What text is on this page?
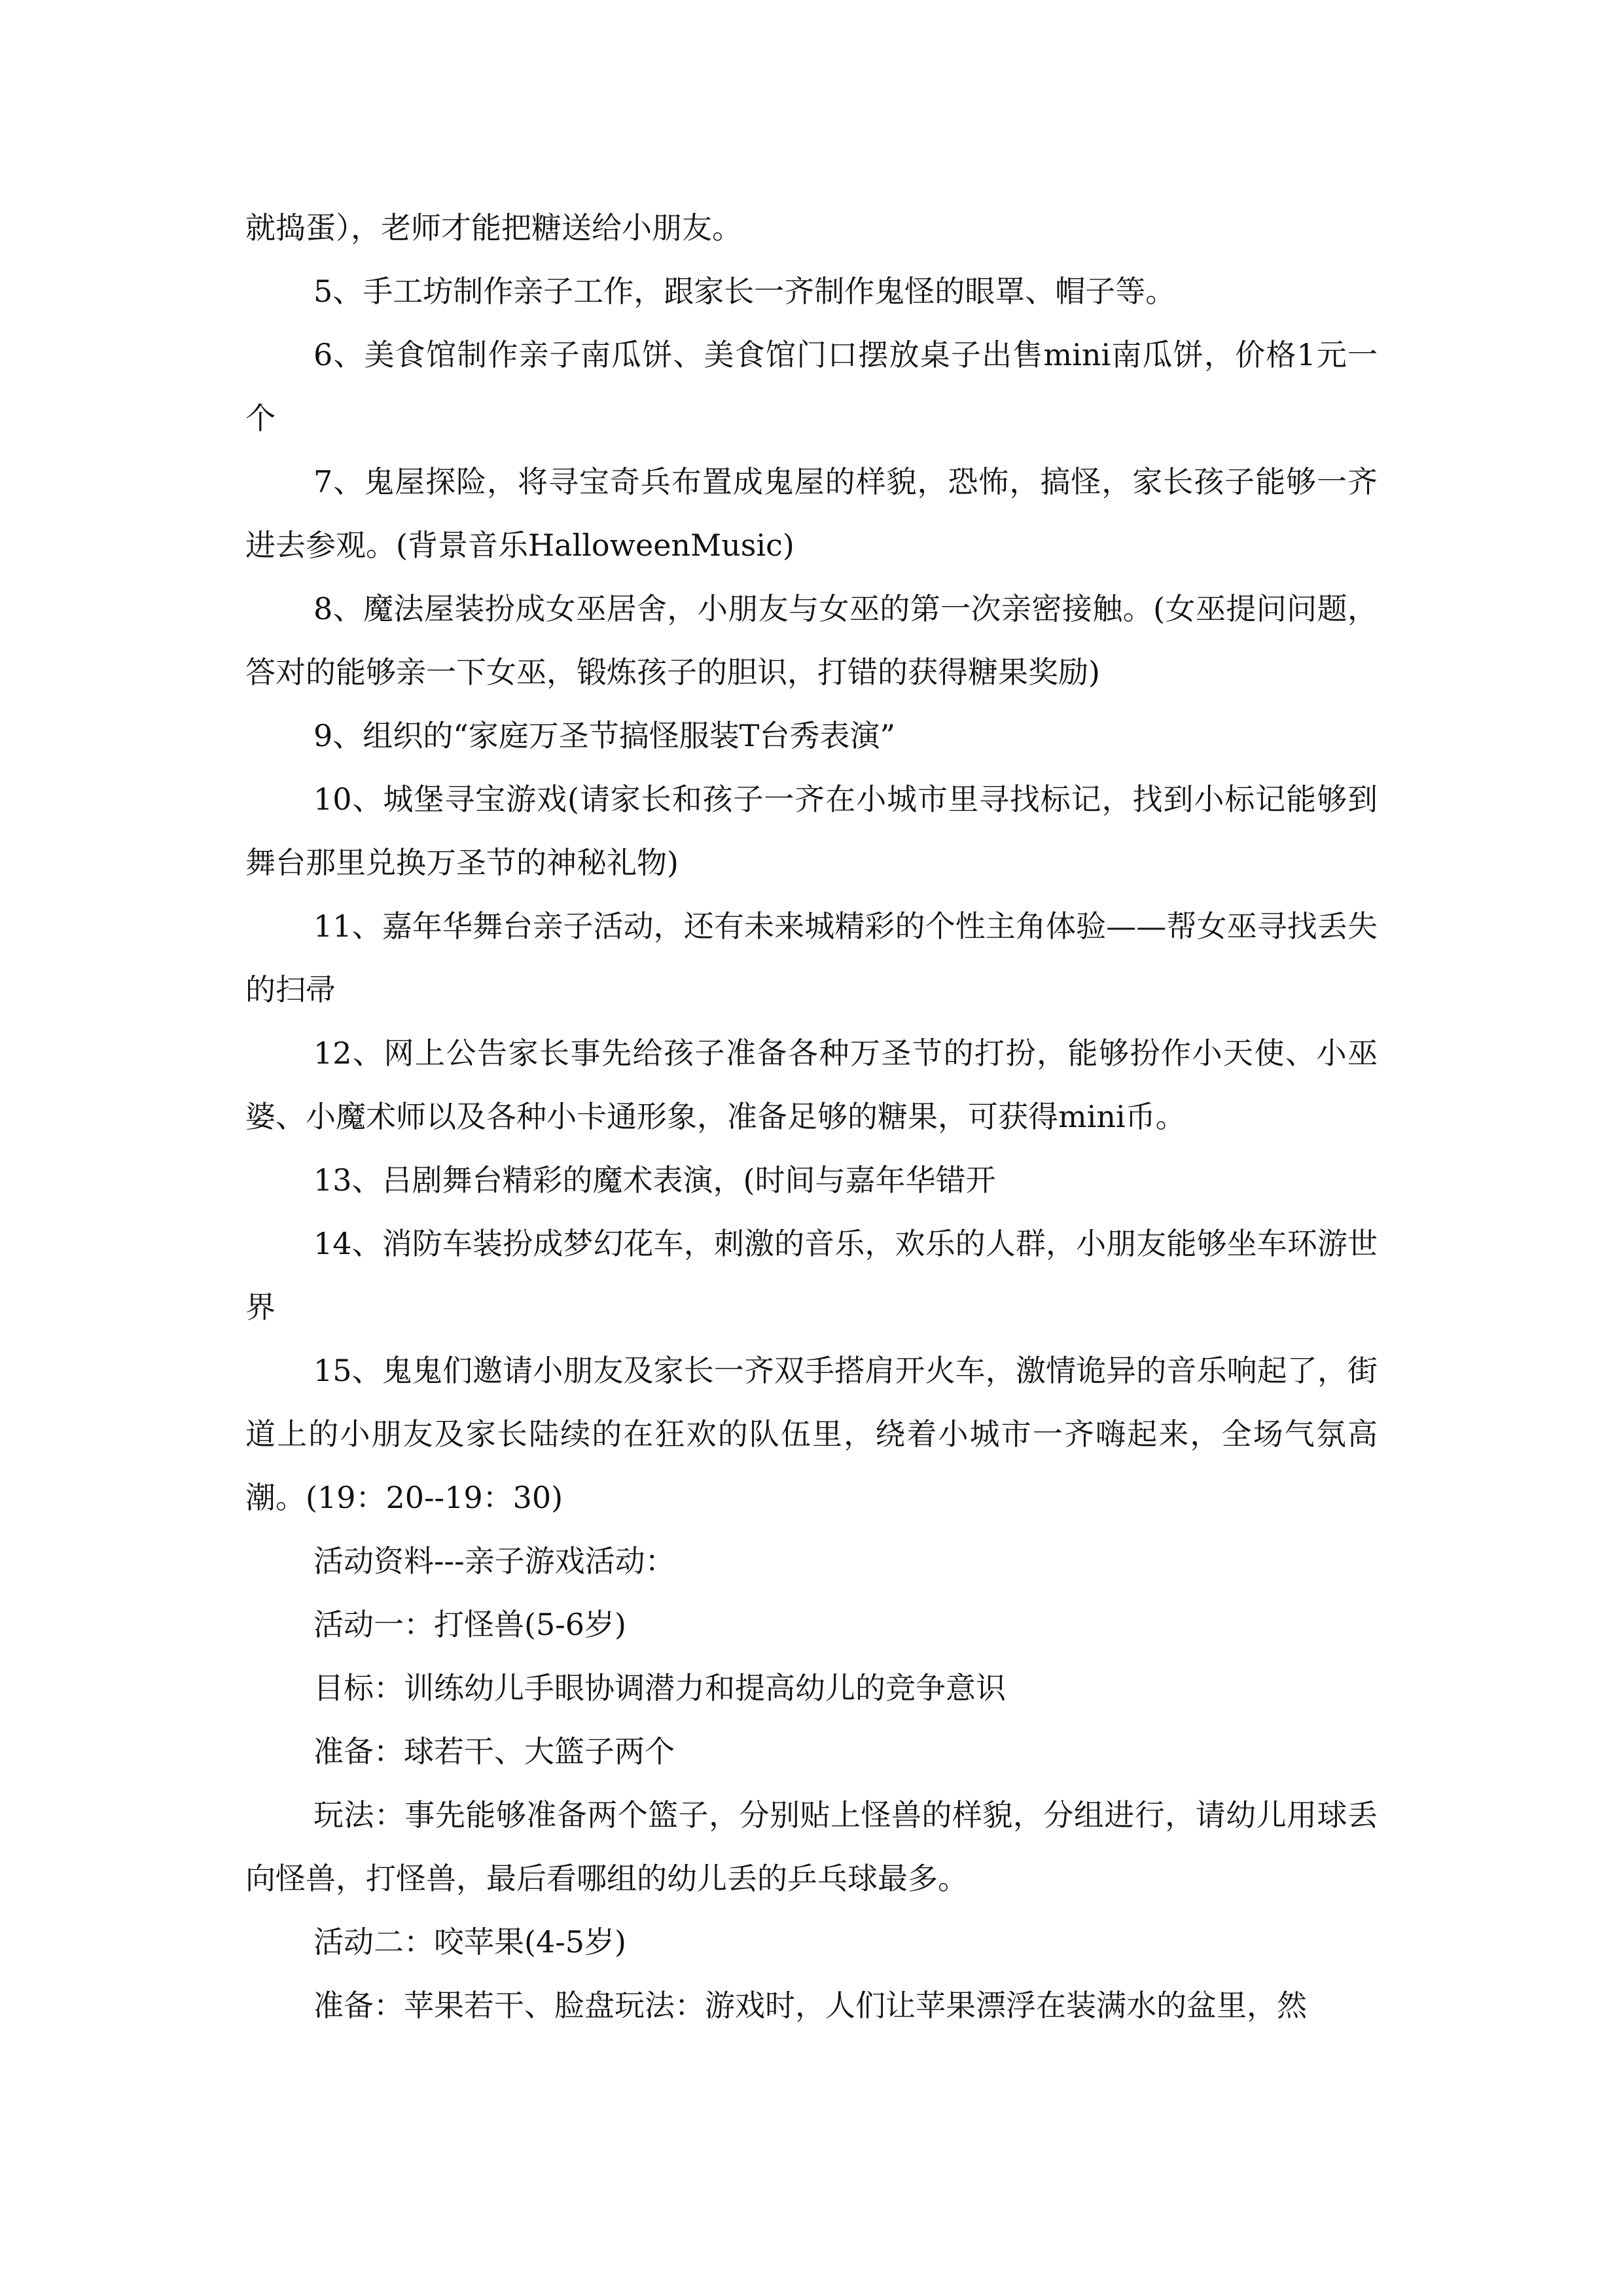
就捣蛋），老师才能把糖送给小朋友。

5、手工坊制作亲子工作，跟家长一齐制作鬼怪的眼罩、帽子等。

6、美食馆制作亲子南瓜饼、美食馆门口摆放桌子出售mini南瓜饼，价格1元一个

7、鬼屋探险，将寻宝奇兵布置成鬼屋的样貌，恐怖，搞怪，家长孩子能够一齐进去参观。(背景音乐HalloweenMusic)

8、魔法屋装扮成女巫居舍，小朋友与女巫的第一次亲密接触。(女巫提问问题，答对的能够亲一下女巫，锻炼孩子的胆识，打错的获得糖果奖励)

9、组织的“家庭万圣节搞怪服装T台秀表演”

10、城堡寻宝游戏(请家长和孩子一齐在小城市里寻找标记，找到小标记能够到舞台那里兑换万圣节的神秘礼物)

11、嘉年华舞台亲子活动，还有未来城精彩的个性主角体验——帮女巫寻找丢失的扫帚

12、网上公告家长事先给孩子准备各种万圣节的打扮，能够扮作小天使、小巫婆、小魔术师以及各种小卡通形象，准备足够的糖果，可获得mini币。

13、吕剧舞台精彩的魔术表演，(时间与嘉年华错开

14、消防车装扮成梦幻花车，刺激的音乐，欢乐的人群，小朋友能够坐车环游世界

15、鬼鬼们邀请小朋友及家长一齐双手搭肩开火车，激情诡异的音乐响起了，街道上的小朋友及家长陆续的在狂欢的队伍里，绕着小城市一齐嗨起来，全场气氛高潮。(19：20--19：30)

活动资料---亲子游戏活动：

活动一：打怪兽(5-6岁)

目标：训练幼儿手眼协调潜力和提高幼儿的竞争意识

准备：球若干、大篮子两个

玩法：事先能够准备两个篮子，分别贴上怪兽的样貌，分组进行，请幼儿用球丢向怪兽，打怪兽，最后看哪组的幼儿丢的乒乓球最多。

活动二：咬苹果(4-5岁)

准备：苹果若干、脸盘玩法：游戏时，人们让苹果漂浮在装满水的盆里，然
